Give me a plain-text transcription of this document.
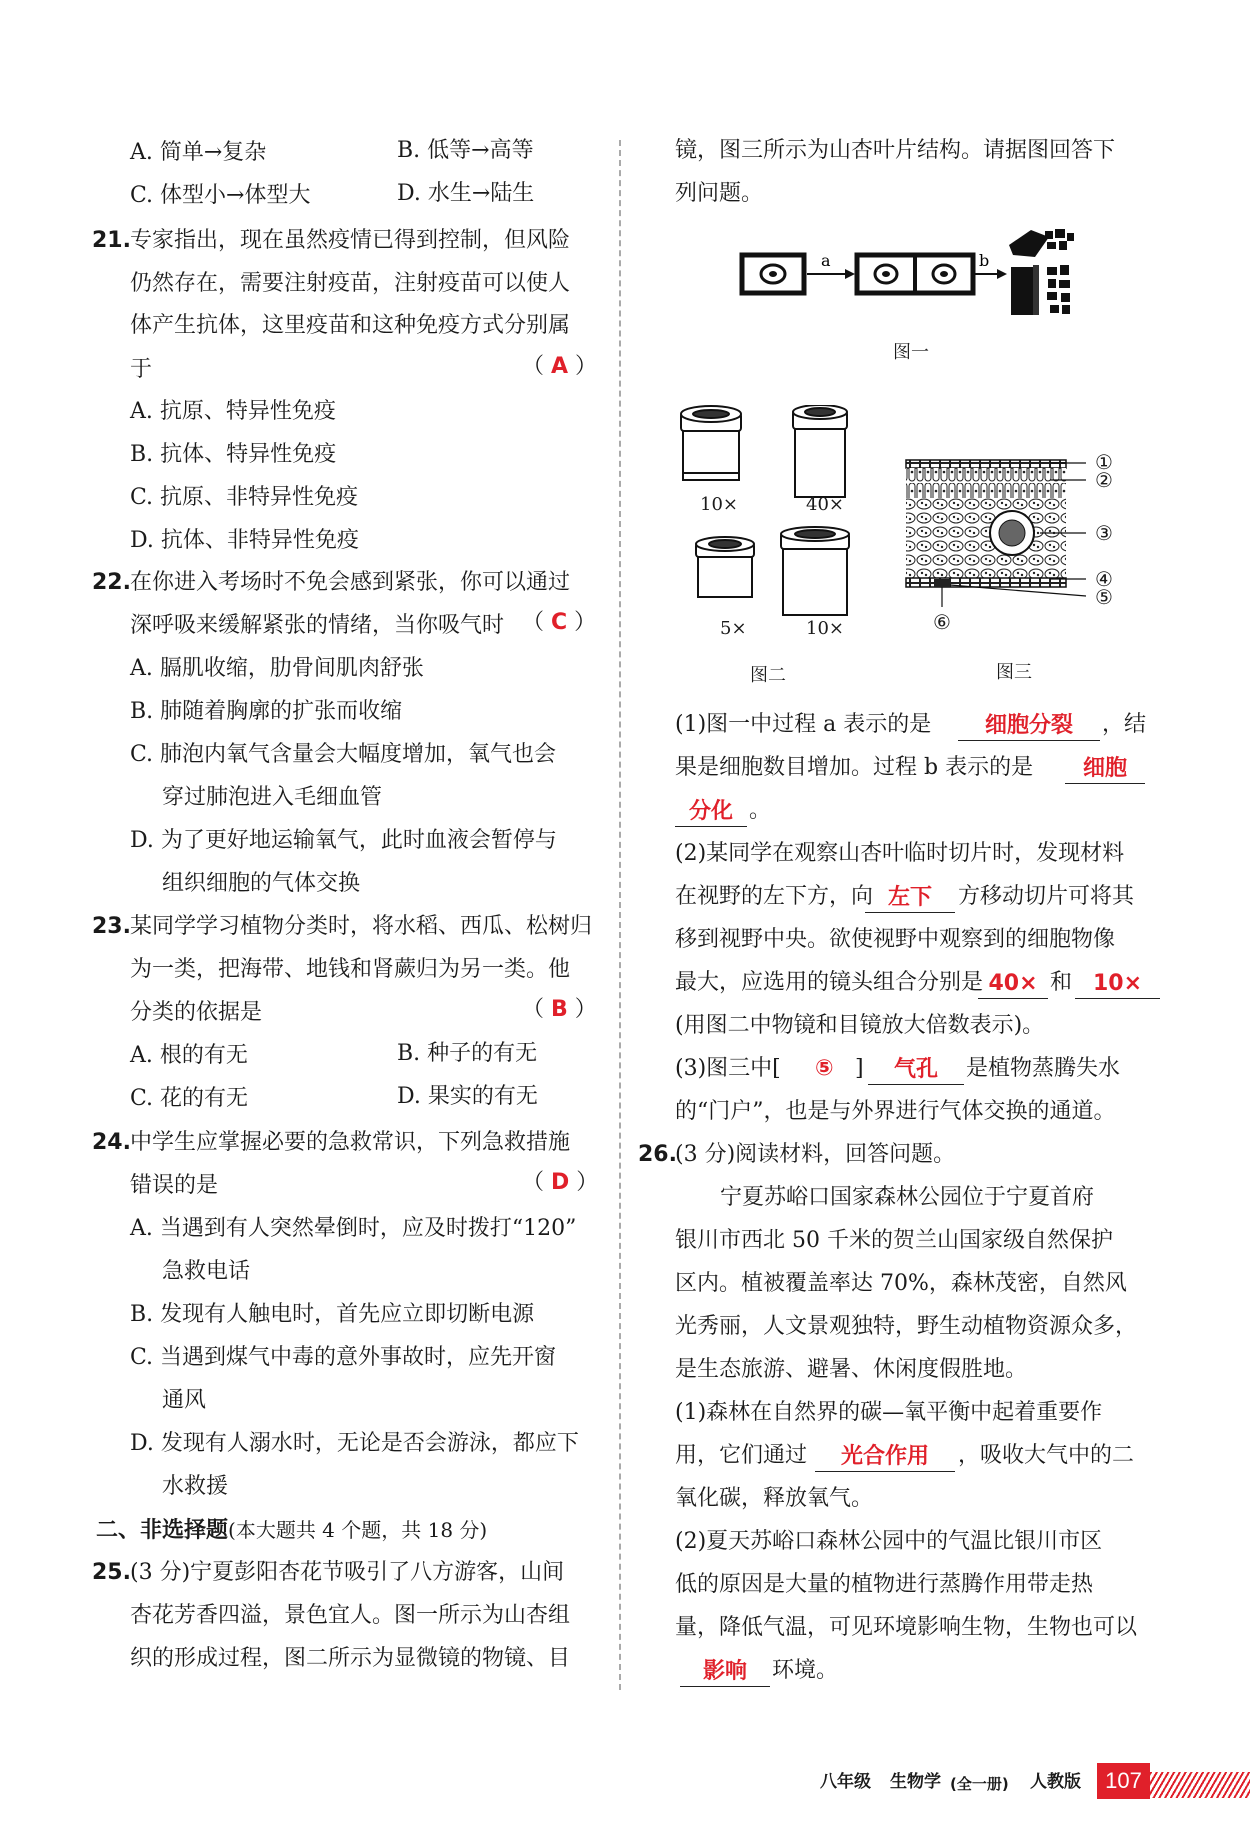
A. 简单→复杂	B. 低等→高等
C. 体型小→体型大	D. 水生→陆生
21. 专家指出，现在虽然疫情已得到控制，但风险
仍然存在，需要注射疫苗，注射疫苗可以使人
体产生抗体，这里疫苗和这种免疫方式分别属
于	（ A ）
A. 抗原、特异性免疫
B. 抗体、特异性免疫
C. 抗原、非特异性免疫
D. 抗体、非特异性免疫
22. 在你进入考场时不免会感到紧张，你可以通过
深呼吸来缓解紧张的情绪，当你吸气时 （ C ）
A. 膈肌收缩，肋骨间肌肉舒张
B. 肺随着胸廓的扩张而收缩
C. 肺泡内氧气含量会大幅度增加，氧气也会
穿过肺泡进入毛细血管
D. 为了更好地运输氧气，此时血液会暂停与
组织细胞的气体交换
23. 某同学学习植物分类时，将水稻、西瓜、松树归
为一类，把海带、地钱和肾蕨归为另一类。他
分类的依据是	（ B ）
A. 根的有无	B. 种子的有无
C. 花的有无	D. 果实的有无
24. 中学生应掌握必要的急救常识，下列急救措施
错误的是	（ D ）
A. 当遇到有人突然晕倒时，应及时拨打“120”
急救电话
B. 发现有人触电时，首先应立即切断电源
C. 当遇到煤气中毒的意外事故时，应先开窗
通风
D. 发现有人溺水时，无论是否会游泳，都应下
水救援
二、非选择题(本大题共 4 个题，共 18 分)
25. (3 分)宁夏彭阳杏花节吸引了八方游客，山间
杏花芳香四溢，景色宜人。图一所示为山杏组
织的形成过程，图二所示为显微镜的物镜、目
镜，图三所示为山杏叶片结构。请据图回答下
列问题。
a	b
图一
10×	40×
5×	10×
图二
①
②
③
④
⑤
⑥
图三
(1)图一中过程 a 表示的是	细胞分裂	，结
果是细胞数目增加。过程 b 表示的是	细胞
分化 。
(2)某同学在观察山杏叶临时切片时，发现材料
在视野的左下方，向 左下	方移动切片可将其
移到视野中央。欲使视野中观察到的细胞物像
最大，应选用的镜头组合分别是 40× 和 10×
(用图二中物镜和目镜放大倍数表示)。
(3)图三中[ ⑤ ]	气孔	是植物蒸腾失水
的“门户”，也是与外界进行气体交换的通道。
26.
(3 分)阅读材料，回答问题。
宁夏苏峪口国家森林公园位于宁夏首府
银川市西北 50 千米的贺兰山国家级自然保护
区内。植被覆盖率达 70%，森林茂密，自然风
光秀丽，人文景观独特，野生动植物资源众多，
是生态旅游、避暑、休闲度假胜地。
(1)森林在自然界的碳—氧平衡中起着重要作
用，它们通过	光合作用	，吸收大气中的二
氧化碳，释放氧气。
(2)夏天苏峪口森林公园中的气温比银川市区
低的原因是大量的植物进行蒸腾作用带走热
量，降低气温，可见环境影响生物，生物也可以
影响	环境。
八年级 生物学 (全一册) 人教版	107
